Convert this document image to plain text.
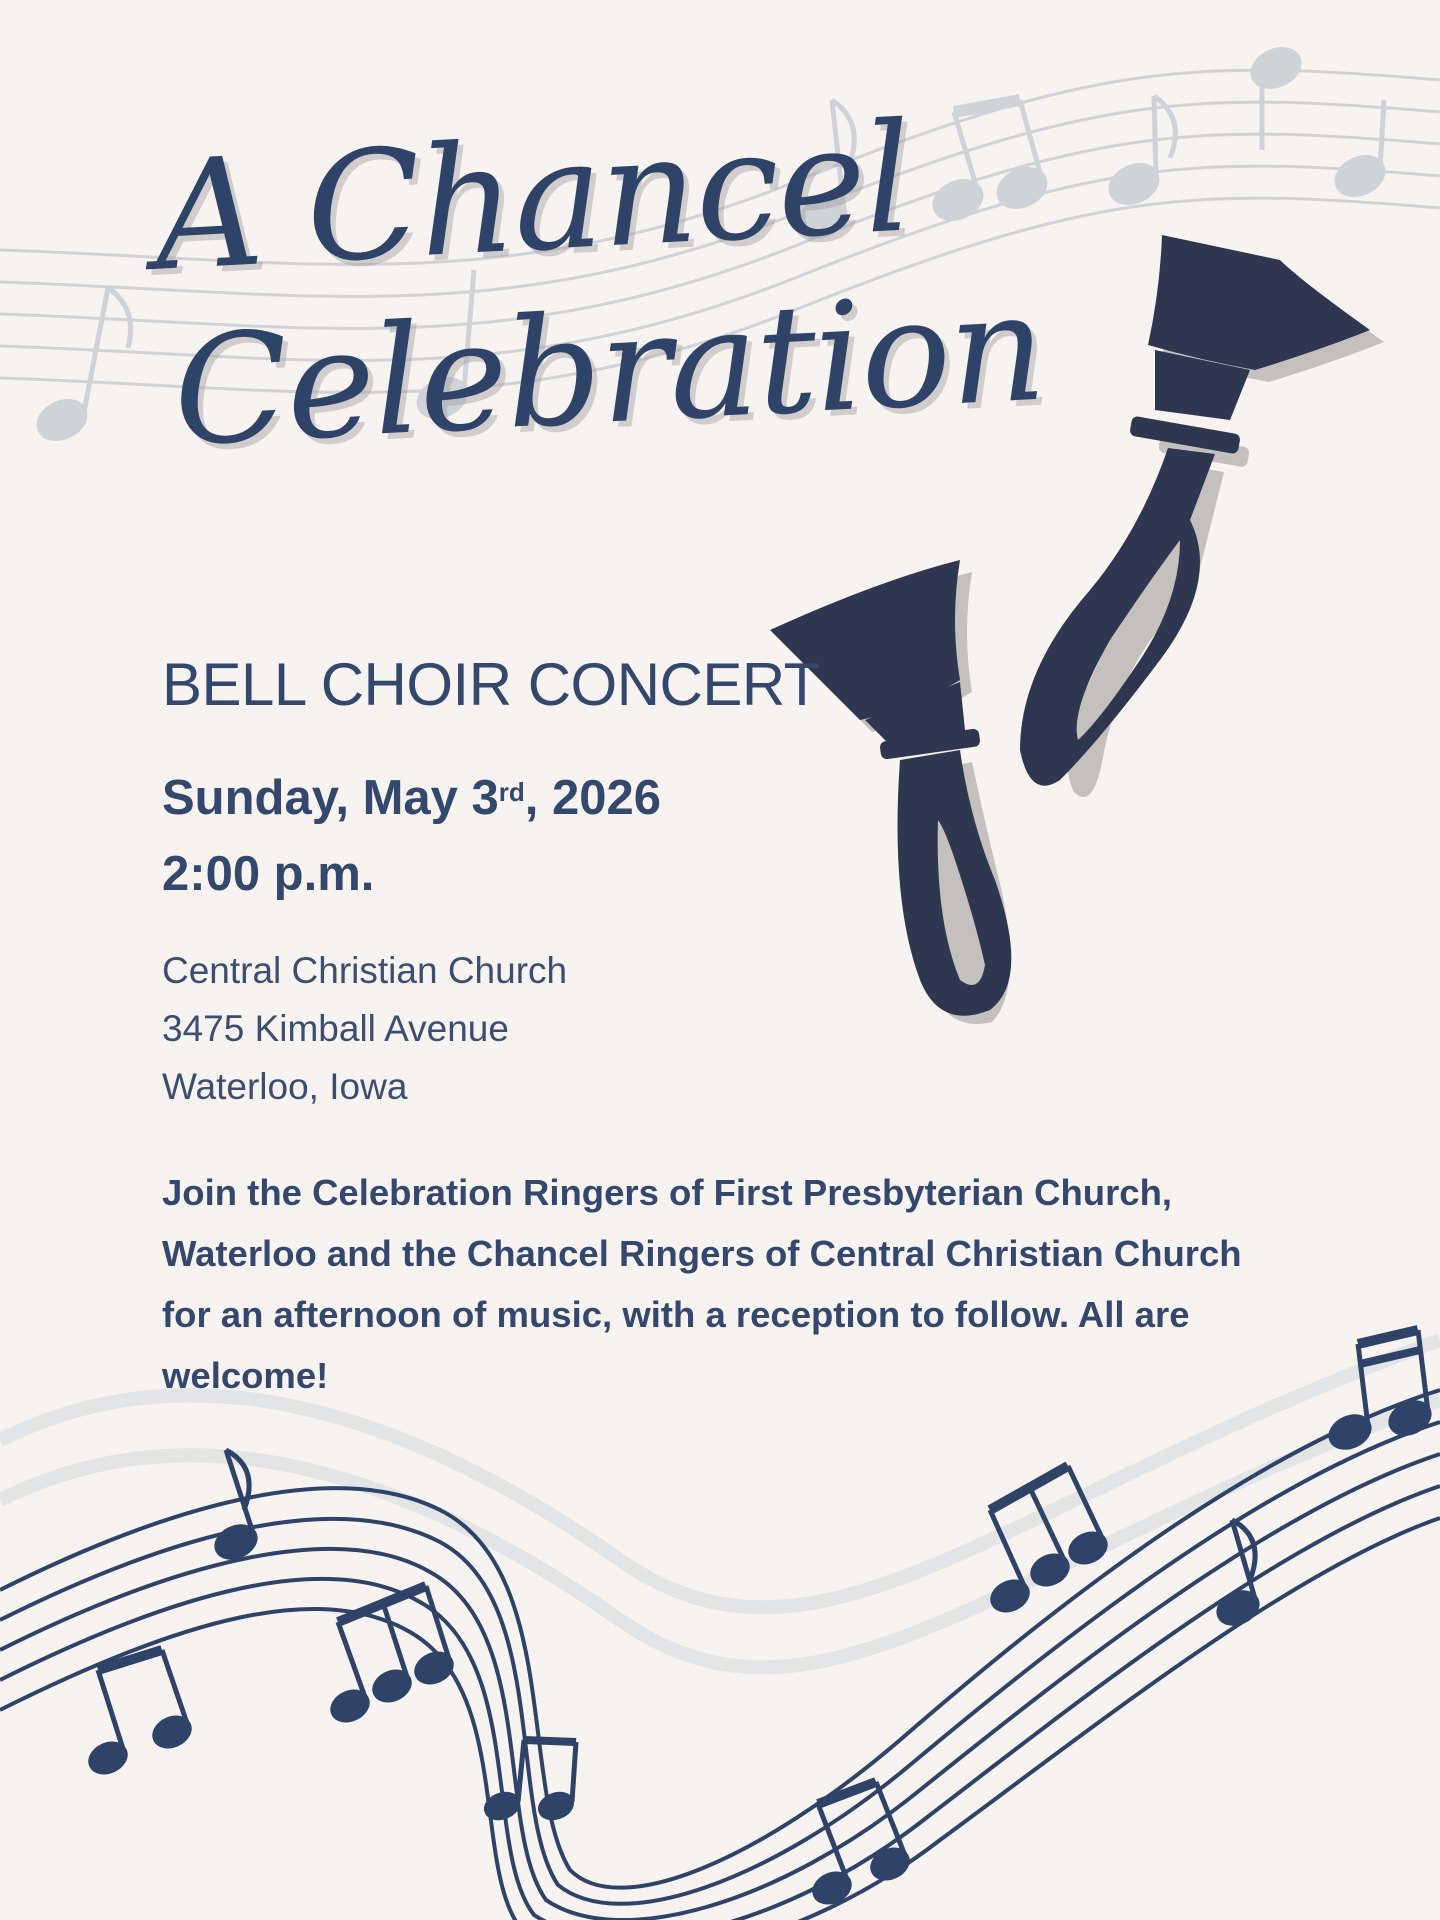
A Chancel
Celebration
BELL CHOIR CONCERT
Sunday, May 3rd, 2026
2:00 p.m.
Central Christian Church
3475 Kimball Avenue
Waterloo, Iowa

Join the Celebration Ringers of First Presbyterian Church, Waterloo and the Chancel Ringers of Central Christian Church for an afternoon of music, with a reception to follow. All are welcome!
